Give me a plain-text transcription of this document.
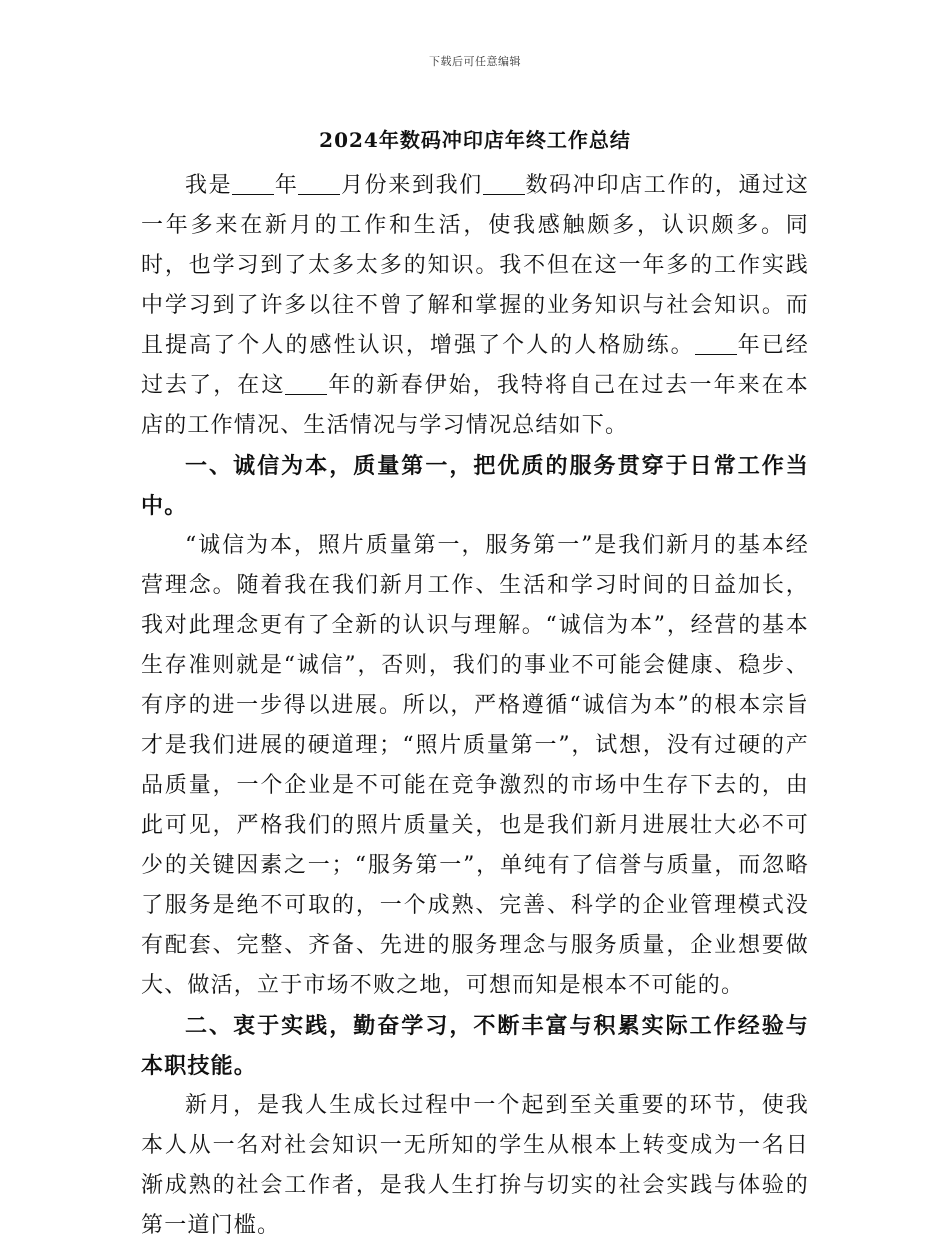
下载后可任意编辑
2024年数码冲印店年终工作总结

我是 年 月份来到我们 数码冲印店工作的，通过这一年多来在新月的工作和生活，使我感触颇多，认识颇多。同时，也学习到了太多太多的知识。我不但在这一年多的工作实践中学习到了许多以往不曾了解和掌握的业务知识与社会知识。而且提高了个人的感性认识，增强了个人的人格励练。 年已经过去了，在这 年的新春伊始，我特将自己在过去一年来在本店的工作情况、生活情况与学习情况总结如下。

一、诚信为本，质量第一，把优质的服务贯穿于日常工作当中。

“诚信为本，照片质量第一，服务第一”是我们新月的基本经营理念。随着我在我们新月工作、生活和学习时间的日益加长，我对此理念更有了全新的认识与理解。“诚信为本”，经营的基本生存准则就是“诚信”，否则，我们的事业不可能会健康、稳步、有序的进一步得以进展。所以，严格遵循“诚信为本”的根本宗旨才是我们进展的硬道理；“照片质量第一”，试想，没有过硬的产品质量，一个企业是不可能在竞争激烈的市场中生存下去的，由此可见，严格我们的照片质量关，也是我们新月进展壮大必不可少的关键因素之一；“服务第一”，单纯有了信誉与质量，而忽略了服务是绝不可取的，一个成熟、完善、科学的企业管理模式没有配套、完整、齐备、先进的服务理念与服务质量，企业想要做大、做活，立于市场不败之地，可想而知是根本不可能的。

二、衷于实践，勤奋学习，不断丰富与积累实际工作经验与本职技能。

新月，是我人生成长过程中一个起到至关重要的环节，使我本人从一名对社会知识一无所知的学生从根本上转变成为一名日渐成熟的社会工作者，是我人生打拚与切实的社会实践与体验的第一道门槛。
